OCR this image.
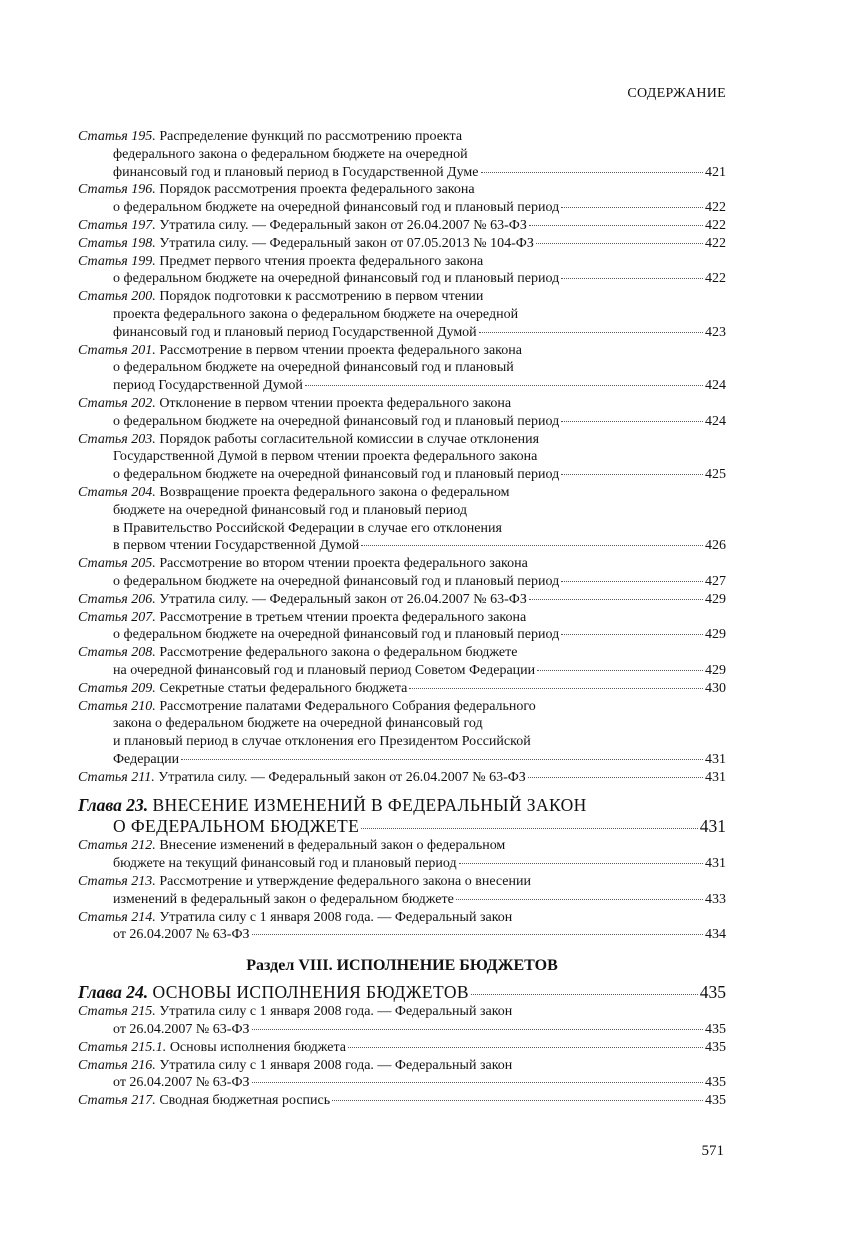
СОДЕРЖАНИЕ
Статья 195.
Распределение функций по рассмотрению проекта
федерального закона о федеральном бюджете на очередной
финансовый год и плановый период в Государственной Думе	421
Статья 196.
Порядок рассмотрения проекта федерального закона
о федеральном бюджете на очередной финансовый год и плановый период	422
Статья 197.
Утратила силу. — Федеральный закон от 26.04.2007 № 63-ФЗ	422
Статья 198.
Утратила силу. — Федеральный закон от 07.05.2013 № 104-ФЗ	422
Статья 199.
Предмет первого чтения проекта федерального закона
о федеральном бюджете на очередной финансовый год и плановый период	422
Статья 200.
Порядок подготовки к рассмотрению в первом чтении
проекта федерального закона о федеральном бюджете на очередной
финансовый год и плановый период Государственной Думой	423
Статья 201.
Рассмотрение в первом чтении проекта федерального закона
о федеральном бюджете на очередной финансовый год и плановый
период Государственной Думой	424
Статья 202.
Отклонение в первом чтении проекта федерального закона
о федеральном бюджете на очередной финансовый год и плановый период	424
Статья 203.
Порядок работы согласительной комиссии в случае отклонения
Государственной Думой в первом чтении проекта федерального закона
о федеральном бюджете на очередной финансовый год и плановый период	425
Статья 204.
Возвращение проекта федерального закона о федеральном
бюджете на очередной финансовый год и плановый период
в Правительство Российской Федерации в случае его отклонения
в первом чтении Государственной Думой	426
Статья 205.
Рассмотрение во втором чтении проекта федерального закона
о федеральном бюджете на очередной финансовый год и плановый период	427
Статья 206.
Утратила силу. — Федеральный закон от 26.04.2007 № 63-ФЗ	429
Статья 207.
Рассмотрение в третьем чтении проекта федерального закона
о федеральном бюджете на очередной финансовый год и плановый период	429
Статья 208.
Рассмотрение федерального закона о федеральном бюджете
на очередной финансовый год и плановый период Советом Федерации	429
Статья 209.
Секретные статьи федерального бюджета	430
Статья 210.
Рассмотрение палатами Федерального Собрания федерального
закона о федеральном бюджете на очередной финансовый год
и плановый период в случае отклонения его Президентом Российской
Федерации	431
Статья 211.
Утратила силу. — Федеральный закон от 26.04.2007 № 63-ФЗ	431
Глава 23.
ВНЕСЕНИЕ ИЗМЕНЕНИЙ В ФЕДЕРАЛЬНЫЙ ЗАКОН
О ФЕДЕРАЛЬНОМ БЮДЖЕТЕ	431
Статья 212.
Внесение изменений в федеральный закон о федеральном
бюджете на текущий финансовый год и плановый период	431
Статья 213.
Рассмотрение и утверждение федерального закона о внесении
изменений в федеральный закон о федеральном бюджете	433
Статья 214.
Утратила силу с 1 января 2008 года. — Федеральный закон
от 26.04.2007 № 63-ФЗ	434
Раздел VIII. ИСПОЛНЕНИЕ БЮДЖЕТОВ
Глава 24.
ОСНОВЫ ИСПОЛНЕНИЯ БЮДЖЕТОВ	435
Статья 215.
Утратила силу с 1 января 2008 года. — Федеральный закон
от 26.04.2007 № 63-ФЗ	435
Статья 215.1.
Основы исполнения бюджета	435
Статья 216.
Утратила силу с 1 января 2008 года. — Федеральный закон
от 26.04.2007 № 63-ФЗ	435
Статья 217.
Сводная бюджетная роспись	435
571
